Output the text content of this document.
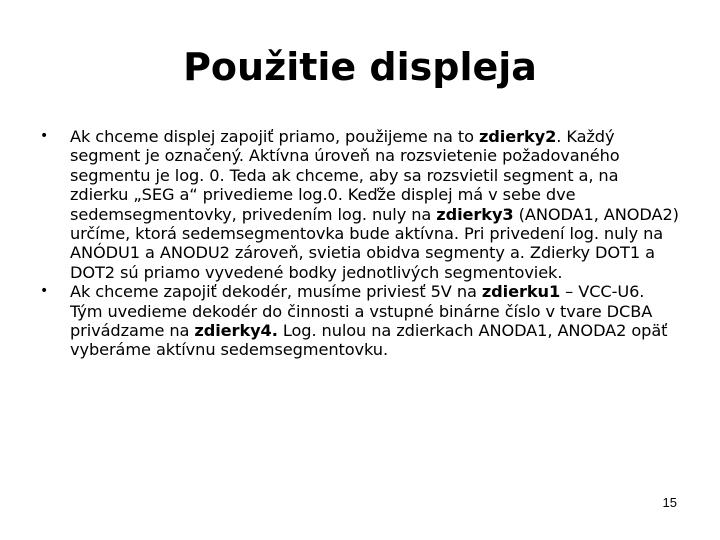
Použitie displeja
•	Ak chceme displej zapojiť priamo, použijeme na to zdierky2. Každý segment je označený. Aktívna úroveň na rozsvietenie požadovaného segmentu je log. 0. Teda ak chceme, aby sa rozsvietil segment a, na zdierku „SEG a“ privedieme log.0. Keďže displej má v sebe dve sedemsegmentovky, privedením log. nuly na zdierky3 (ANODA1, ANODA2) určíme, ktorá sedemsegmentovka bude aktívna. Pri privedení log. nuly na ANÓDU1 a ANODU2 zároveň, svietia obidva segmenty a. Zdierky DOT1 a DOT2 sú priamo vyvedené bodky jednotlivých segmentoviek.
•	Ak chceme zapojiť dekodér, musíme priviesť 5V na zdierku1 – VCC-U6. Tým uvedieme dekodér do činnosti a vstupné binárne číslo v tvare DCBA privádzame na zdierky4. Log. nulou na zdierkach ANODA1, ANODA2 opäť vyberáme aktívnu sedemsegmentovku.
15
